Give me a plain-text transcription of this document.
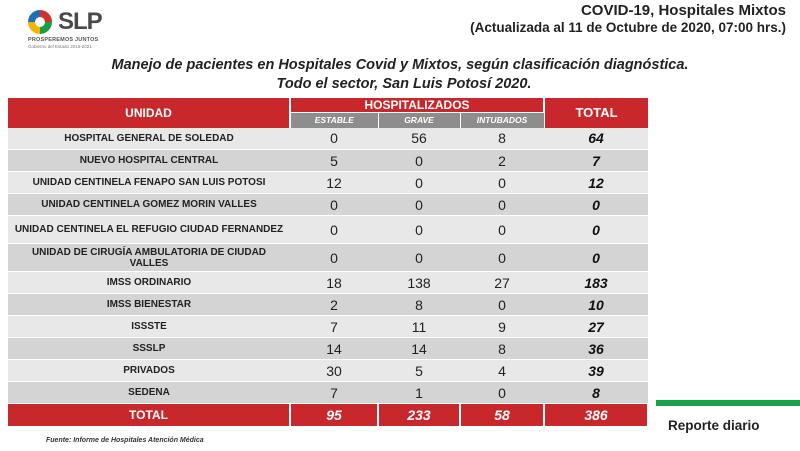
SLP
PROSPEREMOS JUNTOS
Gobierno del Estado 2015-2021
COVID-19, Hospitales Mixtos
(Actualizada al 11 de Octubre de 2020, 07:00 hrs.)
Manejo de pacientes en Hospitales Covid y Mixtos, según clasificación diagnóstica.
Todo el sector, San Luis Potosí 2020.
UNIDAD	HOSPITALIZADOS			TOTAL
	ESTABLE	GRAVE	INTUBADOS	
HOSPITAL GENERAL DE SOLEDAD	0	56	8	64
NUEVO HOSPITAL CENTRAL	5	0	2	7
UNIDAD CENTINELA FENAPO SAN LUIS POTOSI	12	0	0	12
UNIDAD CENTINELA GOMEZ MORIN VALLES	0	0	0	0
UNIDAD CENTINELA EL REFUGIO CIUDAD FERNANDEZ	0	0	0	0
UNIDAD DE CIRUGÍA AMBULATORIA DE CIUDAD VALLES	0	0	0	0
IMSS ORDINARIO	18	138	27	183
IMSS BIENESTAR	2	8	0	10
ISSSTE	7	11	9	27
SSSLP	14	14	8	36
PRIVADOS	30	5	4	39
SEDENA	7	1	0	8
TOTAL	95	233	58	386
Reporte diario
Fuente: Informe de Hospitales Atención Médica
